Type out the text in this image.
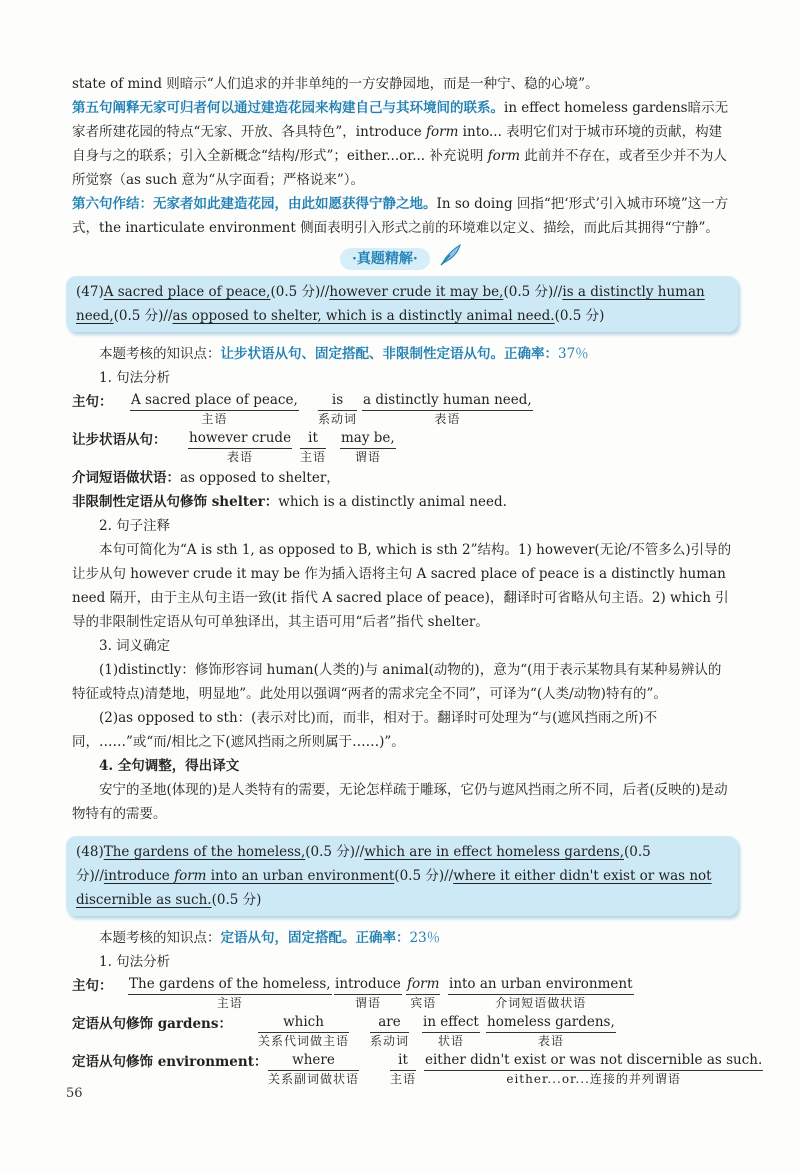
state of mind 则暗示“人们追求的并非单纯的一方安静园地，而是一种宁、稳的心境”。

第五句阐释无家可归者何以通过建造花园来构建自己与其环境间的联系。in effect homeless gardens暗示无家者所建花园的特点“无家、开放、各具特色”，introduce form into... 表明它们对于城市环境的贡献，构建自身与之的联系；引入全新概念“结构/形式”；either...or... 补充说明 form 此前并不存在，或者至少并不为人所觉察（as such 意为“从字面看；严格说来”）。

第六句作结：无家者如此建造花园，由此如愿获得宁静之地。In so doing 回指“把‘形式’引入城市环境”这一方式，the inarticulate environment 侧面表明引入形式之前的环境难以定义、描绘，而此后其拥得“宁静”。

·真题精解·
(47)A sacred place of peace,(0.5 分)//however crude it may be,(0.5 分)//is a distinctly human need,(0.5 分)//as opposed to shelter, which is a distinctly animal need.(0.5 分)

本题考核的知识点：让步状语从句、固定搭配、非限制性定语从句。正确率：37％

1. 句法分析

主句： A sacred place of peace,
主语
is
系动词
a distinctly human need,
表语
让步状语从句： however crude
表语
it
主语
may be,
谓语

介词短语做状语：as opposed to shelter，

非限制性定语从句修饰 shelter：which is a distinctly animal need.

2. 句子注释

本句可简化为“A is sth 1, as opposed to B, which is sth 2”结构。1) however(无论/不管多么)引导的让步从句 however crude it may be 作为插入语将主句 A sacred place of peace is a distinctly human need 隔开，由于主从句主语一致(it 指代 A sacred place of peace)，翻译时可省略从句主语。2) which 引导的非限制性定语从句可单独译出，其主语可用“后者”指代 shelter。

3. 词义确定

(1)distinctly：修饰形容词 human(人类的)与 animal(动物的)，意为“(用于表示某物具有某种易辨认的特征或特点)清楚地，明显地”。此处用以强调“两者的需求完全不同”，可译为“(人类/动物)特有的”。

(2)as opposed to sth：(表示对比)而，而非，相对于。翻译时可处理为“与(遮风挡雨之所)不同，……”或“而/相比之下(遮风挡雨之所则属于……)”。

4. 全句调整，得出译文

安宁的圣地(体现的)是人类特有的需要，无论怎样疏于雕琢，它仍与遮风挡雨之所不同，后者(反映的)是动物特有的需要。

(48)The gardens of the homeless,(0.5 分)//which are in effect homeless gardens,(0.5 分)//introduce form into an urban environment(0.5 分)//where it either didn't exist or was not discernible as such.(0.5 分)

本题考核的知识点：定语从句，固定搭配。正确率：23％

1. 句法分析

主句： The gardens of the homeless,
主语
introduce
谓语
form
宾语
into an urban environment
介词短语做状语
定语从句修饰 gardens：	which
关系代词做主语
are
系动词
in effect
状语
homeless gardens,
表语
定语从句修饰 environment：	where
关系副词做状语
it
主语
either didn't exist or was not discernible as such.
either...or...连接的并列谓语
56
